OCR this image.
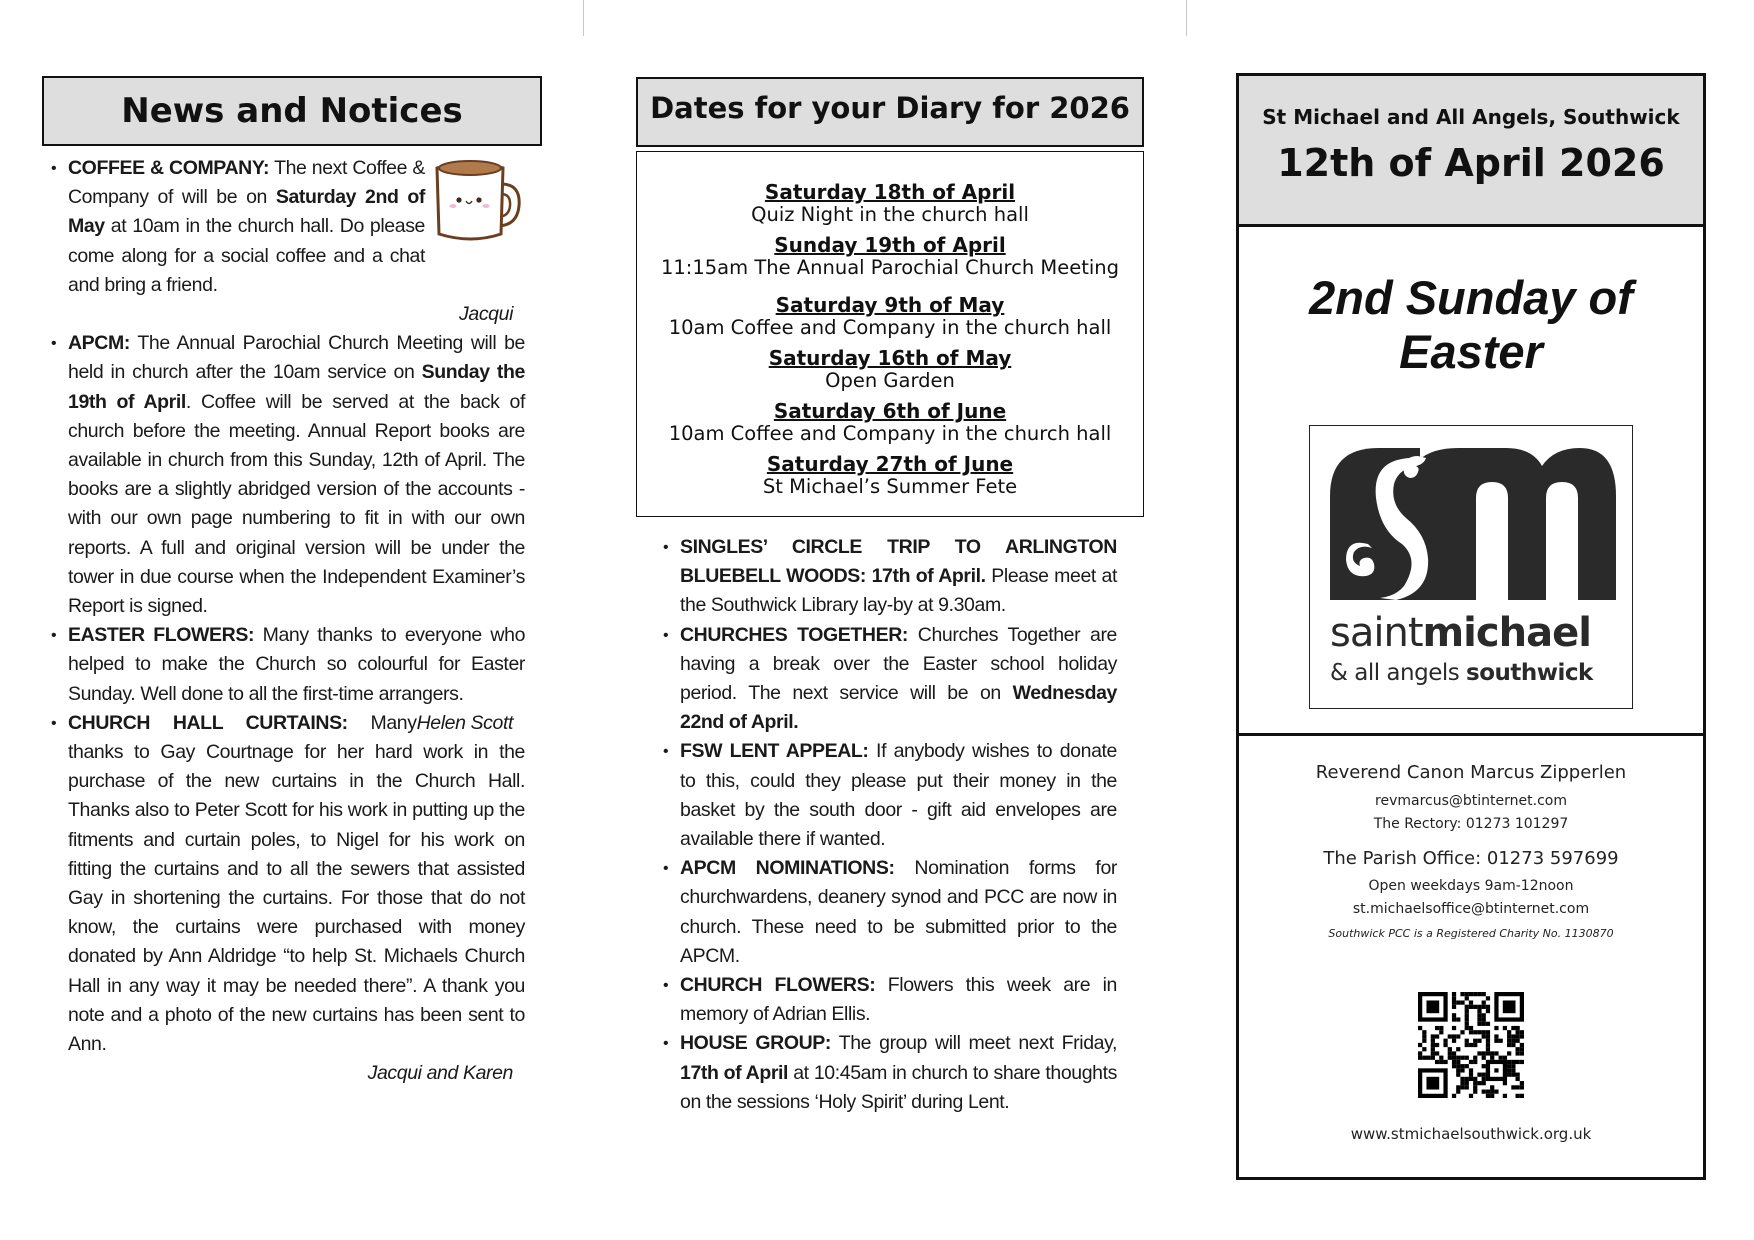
News and Notices
• COFFEE & COMPANY: The next Coffee & Company of will be on Saturday 2nd of May at 10am in the church hall. Do please come along for a social coffee and a chat and bring a friend.
Jacqui
• APCM: The Annual Parochial Church Meeting will be held in church after the 10am service on Sunday the 19th of April. Coffee will be served at the back of church before the meeting. Annual Report books are available in church from this Sunday, 12th of April. The books are a slightly abridged version of the accounts - with our own page numbering to fit in with our own reports. A full and original version will be under the tower in due course when the Independent Examiner’s Report is signed.
• EASTER FLOWERS: Many thanks to everyone who helped to make the Church so colourful for Easter Sunday. Well done to all the first-time arrangers.
Helen Scott
• CHURCH HALL CURTAINS: Many thanks to Gay Courtnage for her hard work in the purchase of the new curtains in the Church Hall. Thanks also to Peter Scott for his work in putting up the fitments and curtain poles, to Nigel for his work on fitting the curtains and to all the sewers that assisted Gay in shortening the curtains. For those that do not know, the curtains were purchased with money donated by Ann Aldridge “to help St. Michaels Church Hall in any way it may be needed there”. A thank you note and a photo of the new curtains has been sent to Ann.
Jacqui and Karen
Dates for your Diary for 2026
Saturday 18th of April
Quiz Night in the church hall
Sunday 19th of April
11:15am The Annual Parochial Church Meeting
Saturday 9th of May
10am Coffee and Company in the church hall
Saturday 16th of May
Open Garden
Saturday 6th of June
10am Coffee and Company in the church hall
Saturday 27th of June
St Michael’s Summer Fete
• SINGLES’ CIRCLE TRIP TO ARLINGTON BLUEBELL WOODS: 17th of April. Please meet at the Southwick Library lay-by at 9.30am.
• CHURCHES TOGETHER: Churches Together are having a break over the Easter school holiday period. The next service will be on Wednesday 22nd of April.
• FSW LENT APPEAL: If anybody wishes to donate to this, could they please put their money in the basket by the south door - gift aid envelopes are available there if wanted.
• APCM NOMINATIONS: Nomination forms for churchwardens, deanery synod and PCC are now in church. These need to be submitted prior to the APCM.
• CHURCH FLOWERS: Flowers this week are in memory of Adrian Ellis.
• HOUSE GROUP: The group will meet next Friday, 17th of April at 10:45am in church to share thoughts on the sessions ‘Holy Spirit’ during Lent.
St Michael and All Angels, Southwick
12th of April 2026
2nd Sunday of
Easter
saintmichael
& all angels southwick
Reverend Canon Marcus Zipperlen
revmarcus@btinternet.com
The Rectory: 01273 101297
The Parish Office: 01273 597699
Open weekdays 9am-12noon
st.michaelsoffice@btinternet.com
Southwick PCC is a Registered Charity No. 1130870
www.stmichaelsouthwick.org.uk
